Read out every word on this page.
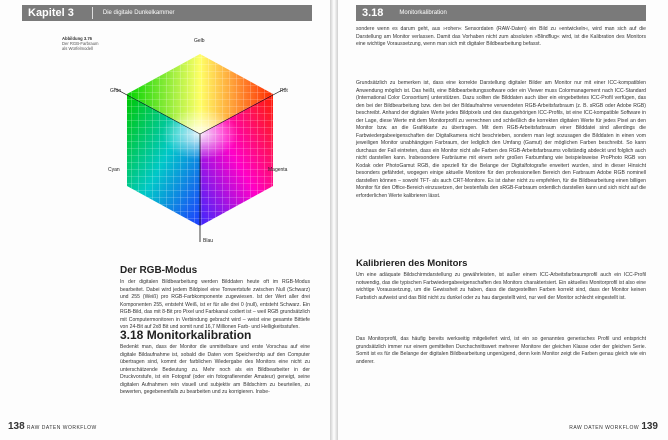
Kapitel 3	Die digitale Dunkelkammer
Abbildung 3.76
Der RGB-Farbraum als Würfelmodell
Gelb
Grün	Rot
Cyan	Magenta
Blau
Der RGB-Modus
In der digitalen Bildbearbeitung werden Bilddaten heute oft im RGB-Modus bearbeitet. Dabei wird jedem Bildpixel eine Tonwertstufe zwischen Null (Schwarz) und 255 (Weiß) pro RGB-Farbkomponente zugewiesen. Ist der Wert aller drei Komponenten 255, entsteht Weiß, ist er für alle drei 0 (null), entsteht Schwarz. Ein RGB-Bild, das mit 8-Bit pro Pixel und Farbkanal codiert ist – weil RGB grundsätzlich mit Computermonitoren in Verbindung gebracht wird – weist eine gesamte Bittiefe von 24-Bit auf 2x8 Bit und somit rund 16,7 Millionen Farb- und Helligkeitsstufen.
3.18 Monitorkalibration
Bedenkt man, dass der Monitor die unmittelbare und erste Vorschau auf eine digitale Bildaufnahme ist, sobald die Daten vom Speicherchip auf den Computer übertragen sind, kommt der farblichen Wiedergabe des Monitors eine nicht zu unterschätzende Bedeutung zu. Mehr noch als ein Bildbearbeiter in der Druckvorstufe, ist ein Fotograf (oder ein fotografierender Amateur) geneigt, seine digitalen Aufnahmen rein visuell und subjektiv am Bildschirm zu beurteilen, zu bewerten, gegebenenfalls zu bearbeiten und zu korrigieren. Insbe-
138 RAW DATEN WORKFLOW
3.18	Monitorkalibration
sondere wenn es darum geht, aus »rohen« Sensordaten (RAW-Daten) ein Bild zu »entwickeln«, wird man sich auf die Darstellung am Monitor verlassen. Damit das Vorhaben nicht zum absoluten »Blindflug« wird, ist die Kalibration des Monitors eine wichtige Voraussetzung, wenn man sich mit digitaler Bildbearbeitung befasst.
Grundsätzlich zu bemerken ist, dass eine korrekte Darstellung digitaler Bilder am Monitor nur mit einer ICC-kompatiblen Anwendung möglich ist. Das heißt, eine Bildbearbeitungssoftware oder ein Viewer muss Colormanagement nach ICC-Standard (International Color Consortium) unterstützen. Dazu sollten die Bilddaten auch über ein eingebettetes ICC-Profil verfügen, das den bei der Bildbearbeitung bzw. den bei der Bildaufnahme verwendeten RGB-Arbeitsfarbraum (z. B. sRGB oder Adobe RGB) beschreibt. Anhand der digitalen Werte jedes Bildpixels und des dazugehörigen ICC-Profils, ist eine ICC-kompatible Software in der Lage, diese Werte mit dem Monitorprofil zu verrechnen und schließlich die korrekten digitalen Werte für jedes Pixel an den Monitor bzw. an die Grafikkarte zu übertragen. Mit dem RGB-Arbeitsfarbraum einer Bilddatei sind allerdings die Farbwiedergabeeigenschaften der Digitalkamera nicht beschrieben, sondern man legt sozusagen die Bilddaten in einen vom jeweiligen Monitor unabhängigen Farbraum, der lediglich den Umfang (Gamut) der möglichen Farben beschreibt. So kann durchaus der Fall eintreten, dass ein Monitor nicht alle Farben des RGB-Arbeitsfarbraums vollständig abdeckt und folglich auch nicht darstellen kann. Insbesondere Farbräume mit einem sehr großen Farbumfang wie beispielsweise ProPhoto RGB von Kodak oder PhotoGamut RGB, die speziell für die Belange der Digitalfotografie erweitert wurden, sind in dieser Hinsicht besonders gefährdet, wogegen einige aktuelle Monitore für den professionellen Bereich den Farbraum Adobe RGB nominell darstellen können – sowohl TFT- als auch CRT-Monitore. Es ist daher nicht zu empfehlen, für die Bildbearbeitung einen billigen Monitor für den Office-Bereich einzusetzen, der bestenfalls den sRGB-Farbraum ordentlich darstellen kann und sich nicht auf die erforderlichen Werte kalibrieren lässt.
Kalibrieren des Monitors
Um eine adäquate Bildschirmdarstellung zu gewährleisten, ist außer einem ICC-Arbeitsfarbraumprofil auch ein ICC-Profil notwendig, das die typischen Farbwiedergabeeigenschaften des Monitors charakterisiert. Ein aktuelles Monitorprofil ist also eine wichtige Voraussetzung, um die Gewissheit zu haben, dass die dargestellten Farben korrekt sind, dass der Monitor keinen Farbstich aufweist und das Bild nicht zu dunkel oder zu hau dargestellt wird, nur weil der Monitor schlecht eingestellt ist.
Das Monitorprofil, das häufig bereits werkseitig mitgeliefert wird, ist ein so genanntes generisches Profil und entspricht grundsätzlich immer nur einem gemittelten Durchschnittswert mehrerer Monitore der gleichen Klasse oder der gleichen Serie. Somit ist es für die Belange der digitalen Bildbearbeitung ungenügend, denn kein Monitor zeigt die Farben genau gleich wie ein anderer.
RAW DATEN WORKFLOW 139
